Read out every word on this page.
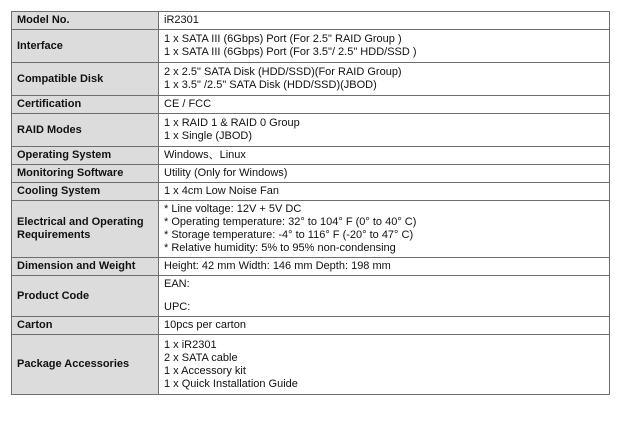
Model No.	iR2301

Interface	1 x SATA III (6Gbps) Port (For 2.5" RAID Group )
1 x SATA III (6Gbps) Port (For 3.5"/ 2.5" HDD/SSD )

Compatible Disk	2 x 2.5" SATA Disk (HDD/SSD)(For RAID Group)
1 x 3.5" /2.5" SATA Disk (HDD/SSD)(JBOD)

Certification	CE / FCC

RAID Modes	1 x RAID 1 & RAID 0 Group
1 x Single (JBOD)

Operating System	Windows、Linux

Monitoring Software	Utility (Only for Windows)

Cooling System	1 x 4cm Low Noise Fan

Electrical and Operating Requirements	* Line voltage: 12V + 5V DC
* Operating temperature: 32° to 104° F (0° to 40° C)
* Storage temperature: -4° to 116° F (-20° to 47° C)
* Relative humidity: 5% to 95% non-condensing

Dimension and Weight	Height: 42 mm Width: 146 mm Depth: 198 mm

Product Code	EAN:
UPC:

Carton	10pcs per carton

Package Accessories	1 x iR2301
2 x SATA cable
1 x Accessory kit
1 x Quick Installation Guide
